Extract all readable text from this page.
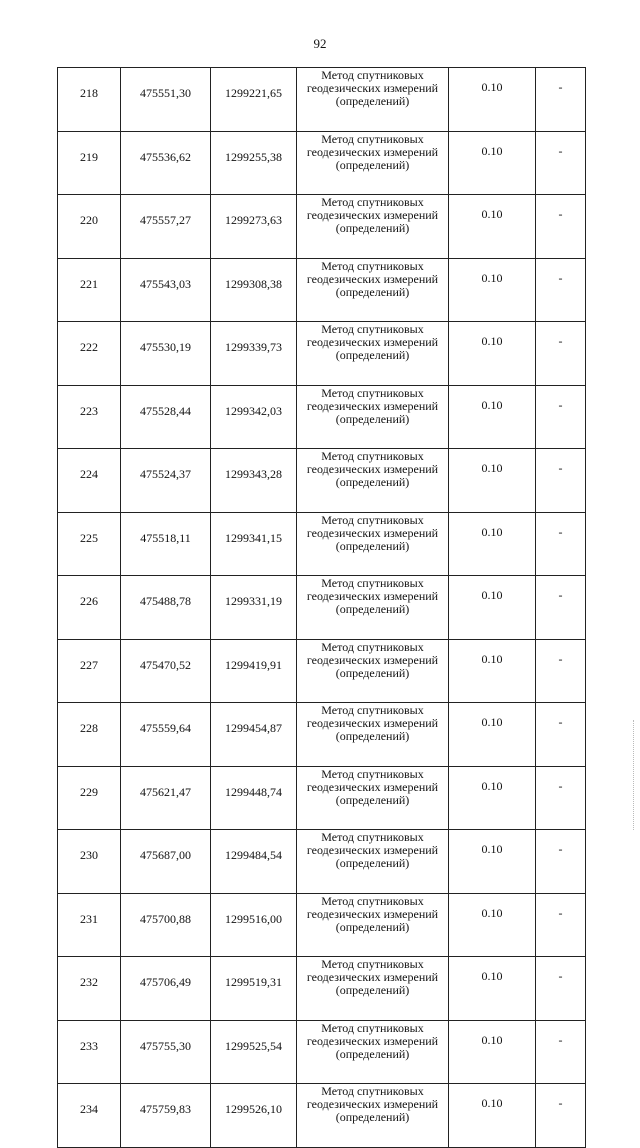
92
218	475551,30	1299221,65	Метод спутниковых геодезических измерений (определений)	0.10	-
219	475536,62	1299255,38	Метод спутниковых геодезических измерений (определений)	0.10	-
220	475557,27	1299273,63	Метод спутниковых геодезических измерений (определений)	0.10	-
221	475543,03	1299308,38	Метод спутниковых геодезических измерений (определений)	0.10	-
222	475530,19	1299339,73	Метод спутниковых геодезических измерений (определений)	0.10	-
223	475528,44	1299342,03	Метод спутниковых геодезических измерений (определений)	0.10	-
224	475524,37	1299343,28	Метод спутниковых геодезических измерений (определений)	0.10	-
225	475518,11	1299341,15	Метод спутниковых геодезических измерений (определений)	0.10	-
226	475488,78	1299331,19	Метод спутниковых геодезических измерений (определений)	0.10	-
227	475470,52	1299419,91	Метод спутниковых геодезических измерений (определений)	0.10	-
228	475559,64	1299454,87	Метод спутниковых геодезических измерений (определений)	0.10	-
229	475621,47	1299448,74	Метод спутниковых геодезических измерений (определений)	0.10	-
230	475687,00	1299484,54	Метод спутниковых геодезических измерений (определений)	0.10	-
231	475700,88	1299516,00	Метод спутниковых геодезических измерений (определений)	0.10	-
232	475706,49	1299519,31	Метод спутниковых геодезических измерений (определений)	0.10	-
233	475755,30	1299525,54	Метод спутниковых геодезических измерений (определений)	0.10	-
234	475759,83	1299526,10	Метод спутниковых геодезических измерений (определений)	0.10	-
